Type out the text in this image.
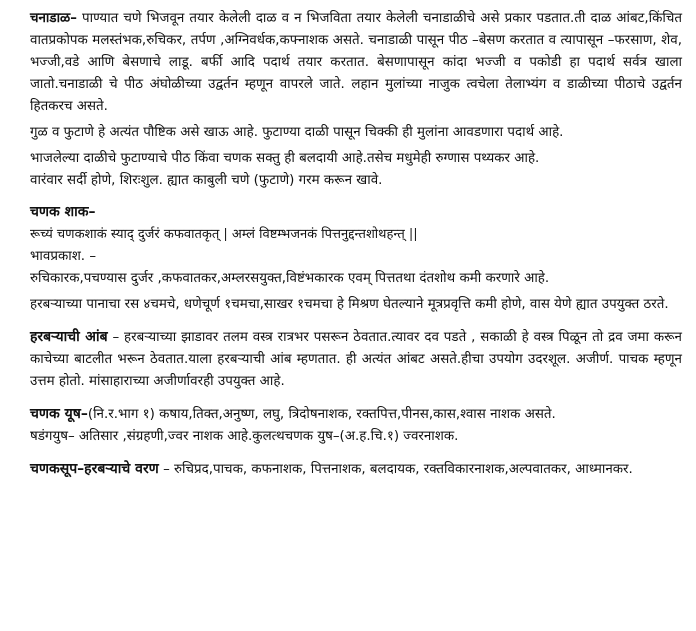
चनाडाळ– पाण्यात चणे भिजवून तयार केलेली दाळ व न भिजविता तयार केलेली चनाडाळीचे असे प्रकार पडतात.ती दाळ आंबट,किंचित वातप्रकोपक मलस्तंभक,रुचिकर, तर्पण ,अग्निवर्धक,कफ्नाशक असते. चनाडाळी पासून पीठ –बेसण करतात व त्यापासून –फरसाण, शेव, भज्जी,वडे आणि बेसणाचे लाडू. बर्फी आदि पदार्थ तयार करतात. बेसणापासून कांदा भज्जी व पकोडी हा पदार्थ सर्वत्र खाला जातो.चनाडाळी चे पीठ अंघोळीच्या उद्वर्तन म्हणून वापरले जाते. लहान मुलांच्या नाजुक त्वचेला तेलाभ्यंग व डाळीच्या पीठाचे उद्वर्तन हितकरच असते.

गुळ व फुटाणे हे अत्यंत पौष्टिक असे खाऊ आहे. फुटाण्या दाळी पासून चिक्की ही मुलांना आवडणारा पदार्थ आहे.

भाजलेल्या दाळीचे फुटाण्याचे पीठ किंवा चणक सक्तु ही बलदायी आहे.तसेच मधुमेही रुग्णास पथ्यकर आहे.

वारंवार सर्दी होणे, शिरःशुल. ह्यात काबुली चणे (फुटाणे) गरम करून खावे.

चणक शाक–

रूच्यं चणकशाकं स्याद् दुर्जरं कफवातकृत् | अम्लं विष्टम्भजनकं पित्तनुद्दन्तशोथहन्त् ||

भावप्रकाश. –

रुचिकारक,पचण्यास दुर्जर ,कफवातकर,अम्लरसयुक्त,विष्टंभकारक एवम् पित्ततथा दंतशोथ कमी करणारे आहे.

हरबऱ्याच्या पानाचा रस ४चमचे, धणेचूर्ण १चमचा,साखर १चमचा हे मिश्रण घेतल्याने मूत्रप्रवृत्ति कमी होणे, वास येणे ह्यात उपयुक्त ठरते.

हरबऱ्याची आंब – हरबऱ्याच्या झाडावर तलम वस्त्र रात्रभर पसरून ठेवतात.त्यावर दव पडते , सकाळी हे वस्त्र पिळून तो द्रव जमा करून काचेच्या बाटलीत भरून ठेवतात.याला हरबऱ्याची आंब म्हणतात. ही अत्यंत आंबट असते.हीचा उपयोग उदरशूल. अजीर्ण. पाचक म्हणून उत्तम होतो. मांसाहाराच्या अजीर्णावरही उपयुक्त आहे.

चणक यूष–(नि.र.भाग १) कषाय,तिक्त,अनुष्ण, लघु, त्रिदोषनाशक, रक्तपित्त,पीनस,कास,श्वास नाशक असते.

षडंगयुष– अतिसार ,संग्रहणी,ज्वर नाशक आहे.कुलत्थचणक युष–(अ.ह.चि.१) ज्वरनाशक.

चणकसूप–हरबऱ्याचे वरण – रुचिप्रद,पाचक, कफनाशक, पित्तनाशक, बलदायक, रक्तविकारनाशक,अल्पवातकर, आध्मानकर.
